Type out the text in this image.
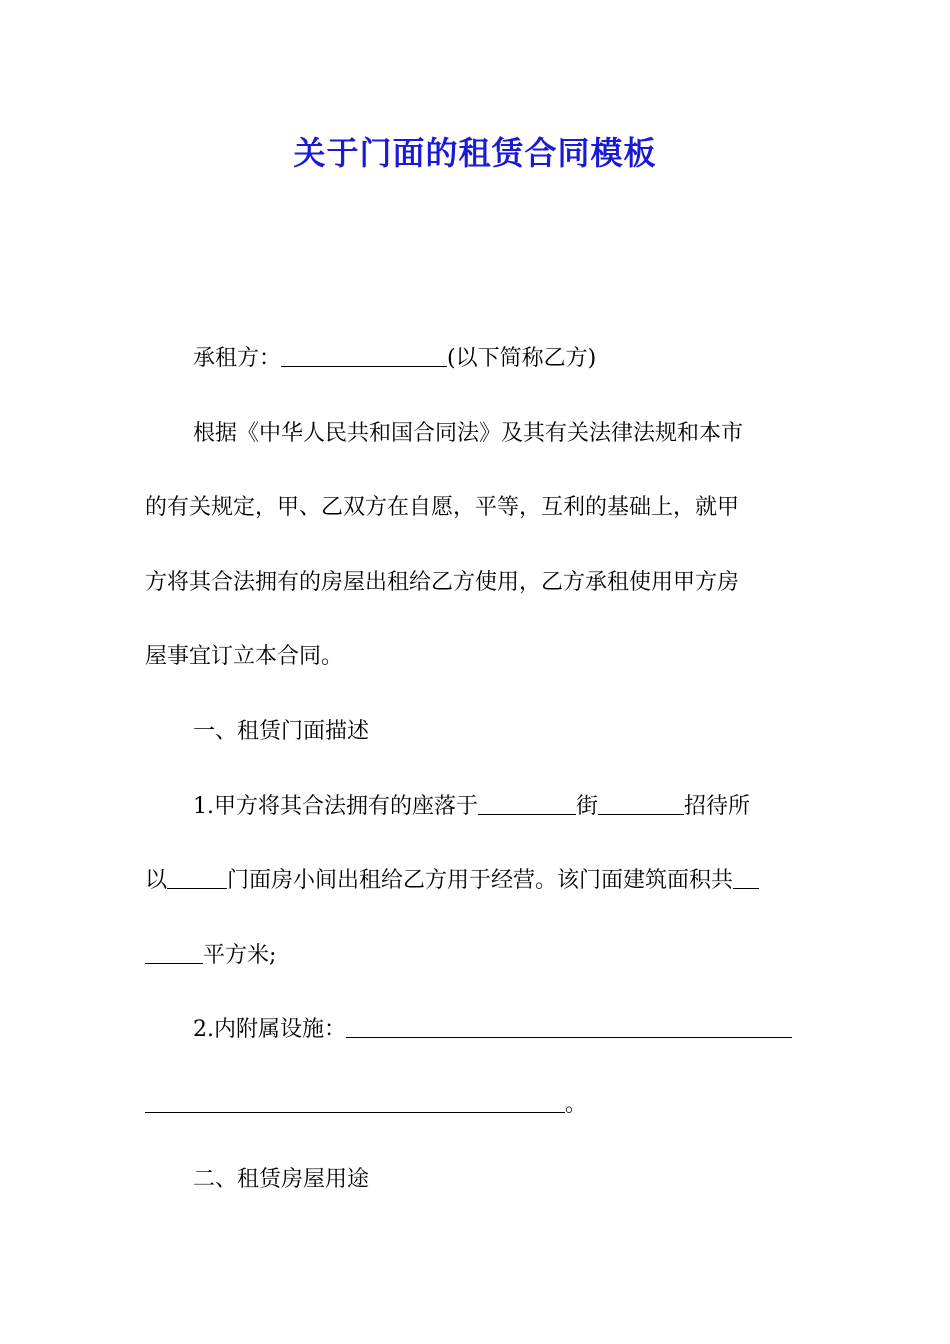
关于门面的租赁合同模板

承租方：	(以下简称乙方)

根据《中华人民共和国合同法》及其有关法律法规和本市

的有关规定，甲、乙双方在自愿，平等，互利的基础上，就甲

方将其合法拥有的房屋出租给乙方使用，乙方承租使用甲方房

屋事宜订立本合同。

一、租赁门面描述

1.甲方将其合法拥有的座落于	街	招待所

以	门面房小间出租给乙方用于经营。该门面建筑面积共

平方米;

2.内附属设施：

。

二、租赁房屋用途
